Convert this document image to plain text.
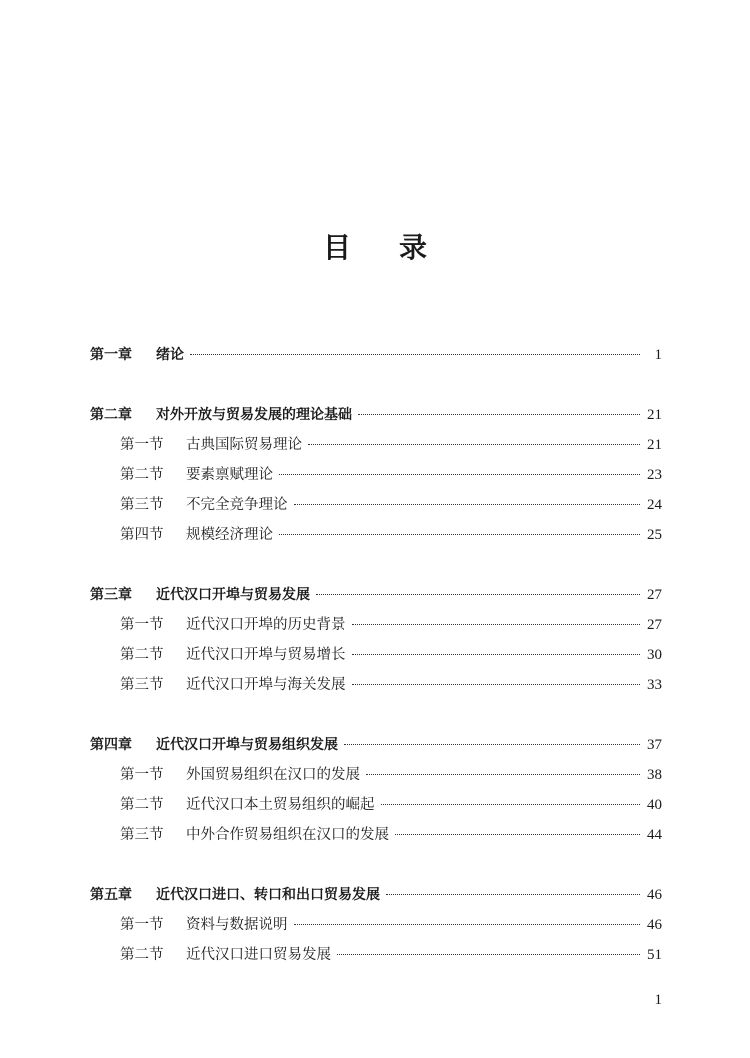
目录
第一章	绪论	1
第二章	对外开放与贸易发展的理论基础	21
第一节	古典国际贸易理论	21
第二节	要素禀赋理论	23
第三节	不完全竞争理论	24
第四节	规模经济理论	25
第三章	近代汉口开埠与贸易发展	27
第一节	近代汉口开埠的历史背景	27
第二节	近代汉口开埠与贸易增长	30
第三节	近代汉口开埠与海关发展	33
第四章	近代汉口开埠与贸易组织发展	37
第一节	外国贸易组织在汉口的发展	38
第二节	近代汉口本土贸易组织的崛起	40
第三节	中外合作贸易组织在汉口的发展	44
第五章	近代汉口进口、转口和出口贸易发展	46
第一节	资料与数据说明	46
第二节	近代汉口进口贸易发展	51
1
